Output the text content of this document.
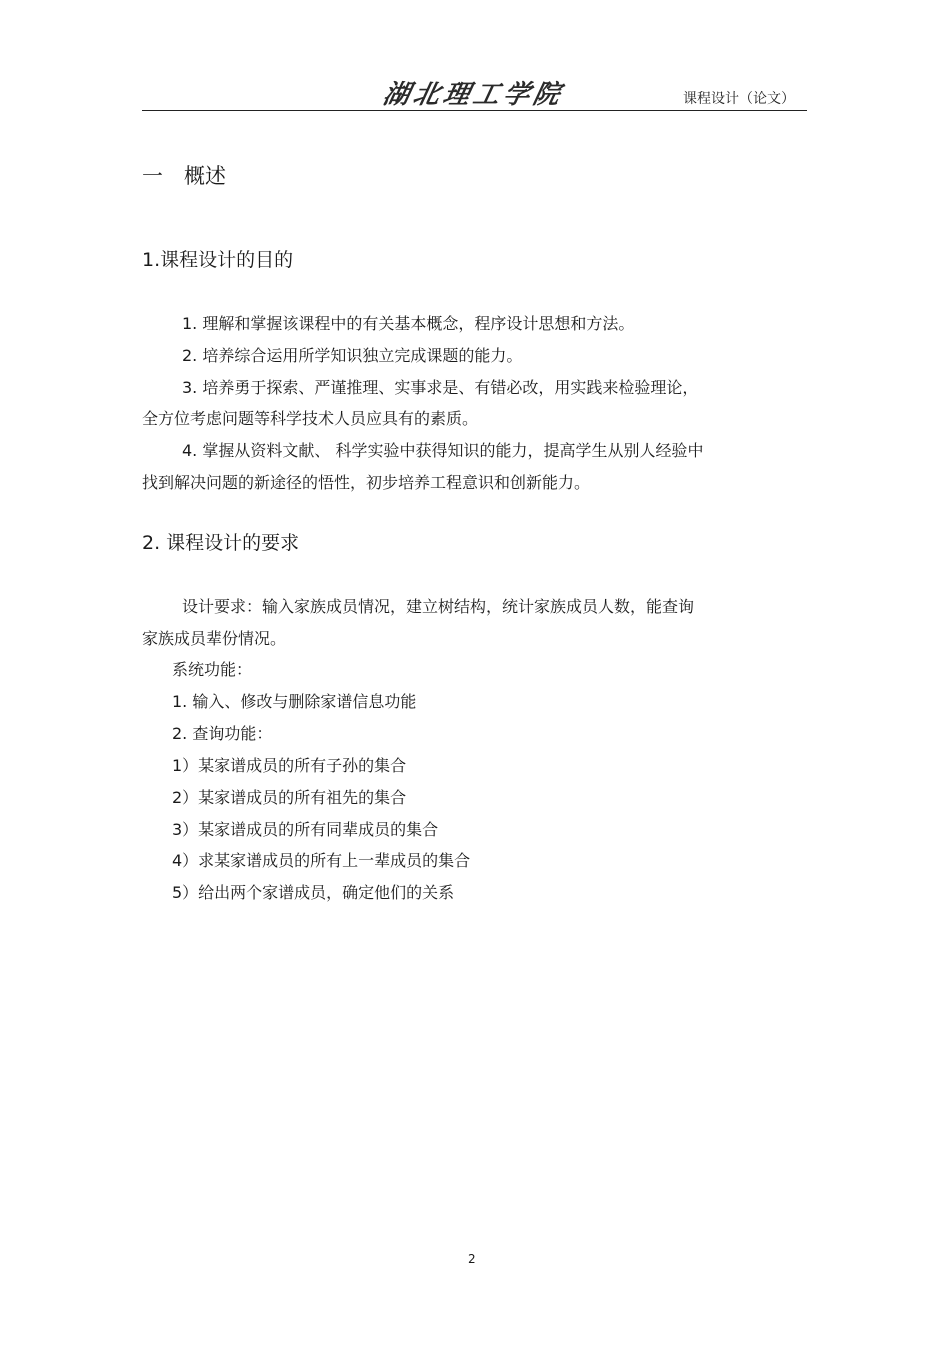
湖北理工学院	课程设计（论文）
一　概述
1.课程设计的目的
1. 理解和掌握该课程中的有关基本概念，程序设计思想和方法。
2. 培养综合运用所学知识独立完成课题的能力。
3. 培养勇于探索、严谨推理、实事求是、有错必改，用实践来检验理论，
全方位考虑问题等科学技术人员应具有的素质。
4. 掌握从资料文献、 科学实验中获得知识的能力，提高学生从别人经验中
找到解决问题的新途径的悟性，初步培养工程意识和创新能力。
2. 课程设计的要求
设计要求：输入家族成员情况，建立树结构，统计家族成员人数，能查询
家族成员辈份情况。
系统功能：
1. 输入、修改与删除家谱信息功能
2. 查询功能：
1）某家谱成员的所有子孙的集合
2）某家谱成员的所有祖先的集合
3）某家谱成员的所有同辈成员的集合
4）求某家谱成员的所有上一辈成员的集合
5）给出两个家谱成员，确定他们的关系
2
